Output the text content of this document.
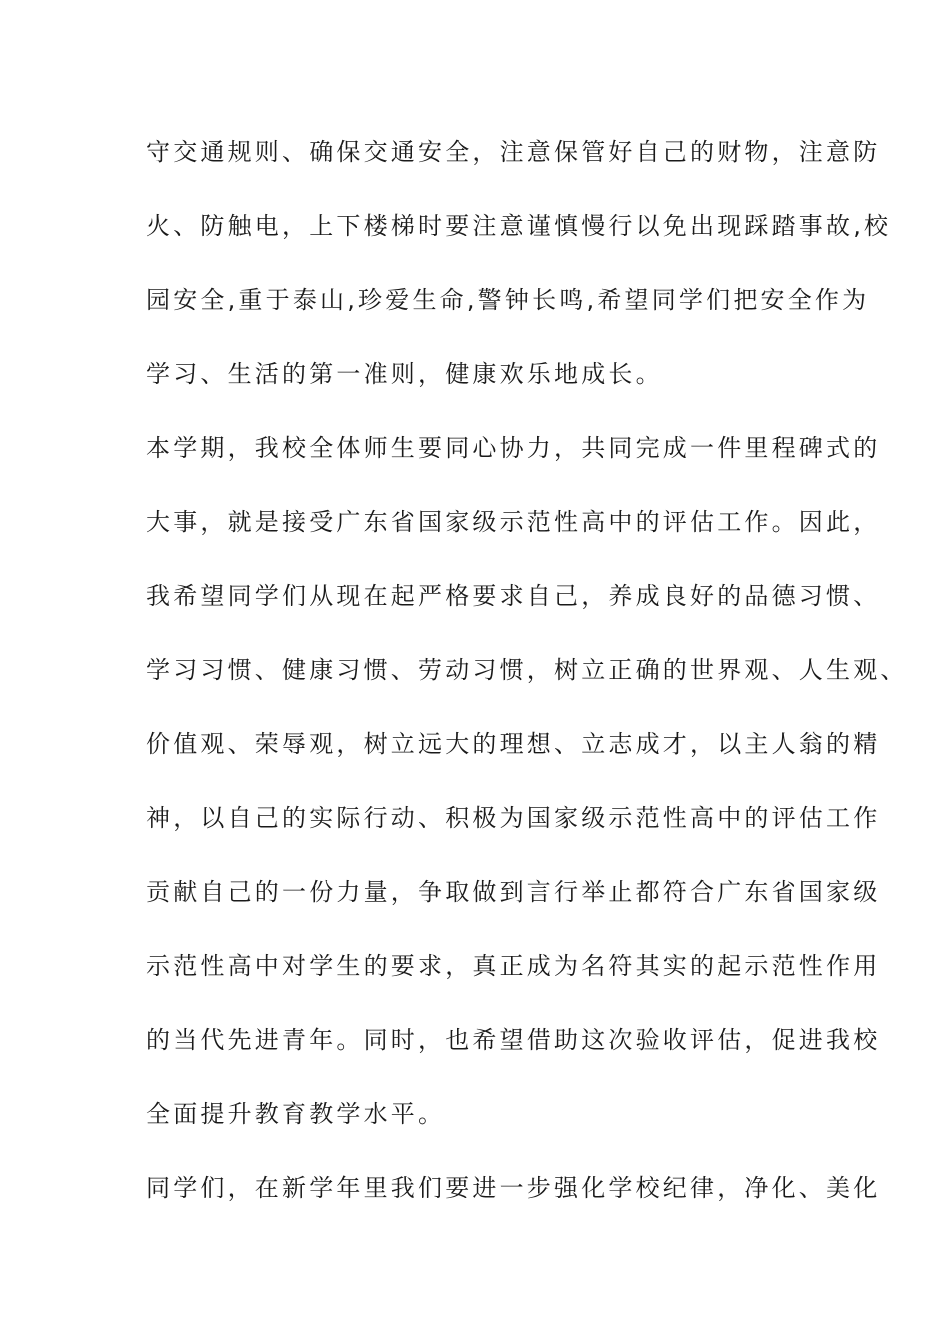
守交通规则、确保交通安全，注意保管好自己的财物，注意防
火、防触电，上下楼梯时要注意谨慎慢行以免出现踩踏事故,校
园安全,重于泰山,珍爱生命,警钟长鸣,希望同学们把安全作为
学习、生活的第一准则，健康欢乐地成长。
本学期，我校全体师生要同心协力，共同完成一件里程碑式的
大事，就是接受广东省国家级示范性高中的评估工作。因此，
我希望同学们从现在起严格要求自己，养成良好的品德习惯、
学习习惯、健康习惯、劳动习惯，树立正确的世界观、人生观、
价值观、荣辱观，树立远大的理想、立志成才，以主人翁的精
神，以自己的实际行动、积极为国家级示范性高中的评估工作
贡献自己的一份力量，争取做到言行举止都符合广东省国家级
示范性高中对学生的要求，真正成为名符其实的起示范性作用
的当代先进青年。同时，也希望借助这次验收评估，促进我校
全面提升教育教学水平。
同学们，在新学年里我们要进一步强化学校纪律，净化、美化
